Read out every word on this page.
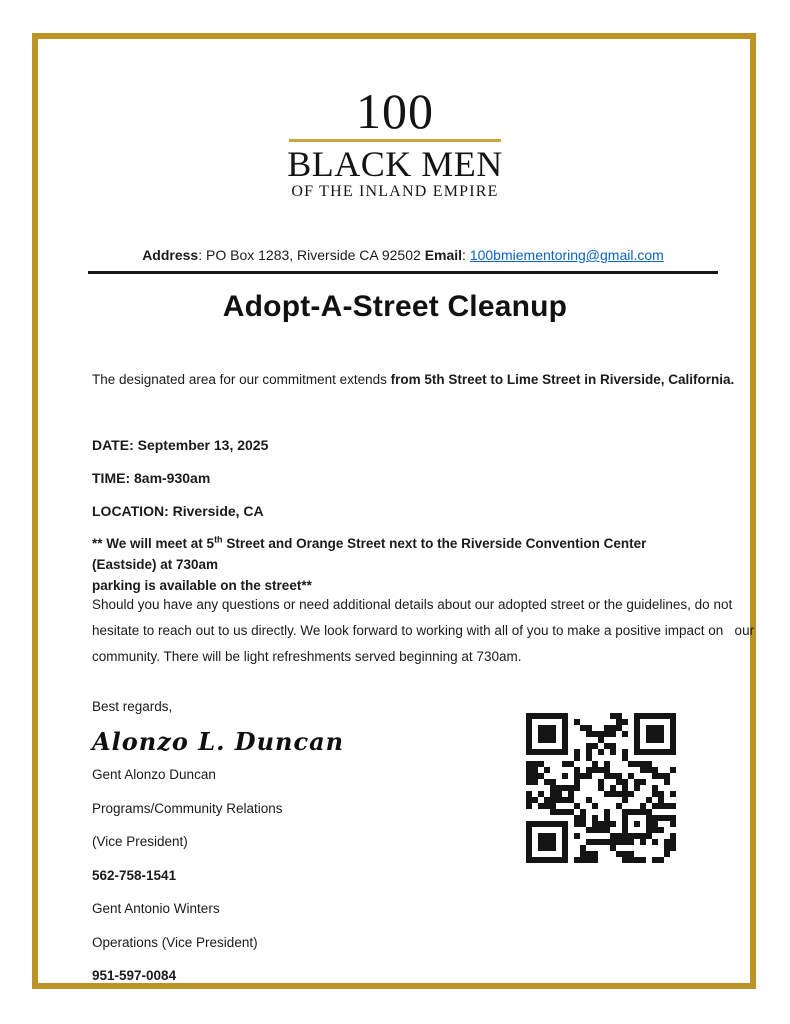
100
BLACK MEN
OF THE INLAND EMPIRE
Address: PO Box 1283, Riverside CA 92502 Email: 100bmiementoring@gmail.com
Adopt-A-Street Cleanup

The designated area for our commitment extends from 5th Street to Lime Street in Riverside, California.

DATE: September 13, 2025
TIME: 8am-930am
LOCATION: Riverside, CA

** We will meet at 5th Street and Orange Street next to the Riverside Convention Center (Eastside) at 730am
parking is available on the street**

Should you have any questions or need additional details about our adopted street or the guidelines, do not
hesitate to reach out to us directly. We look forward to working with all of you to make a positive impact on   our
community. There will be light refreshments served beginning at 730am.

Best regards,
Alonzo L. Duncan
Gent Alonzo Duncan
Programs/Community Relations
(Vice President)
562-758-1541
Gent Antonio Winters
Operations (Vice President)
951-597-0084
